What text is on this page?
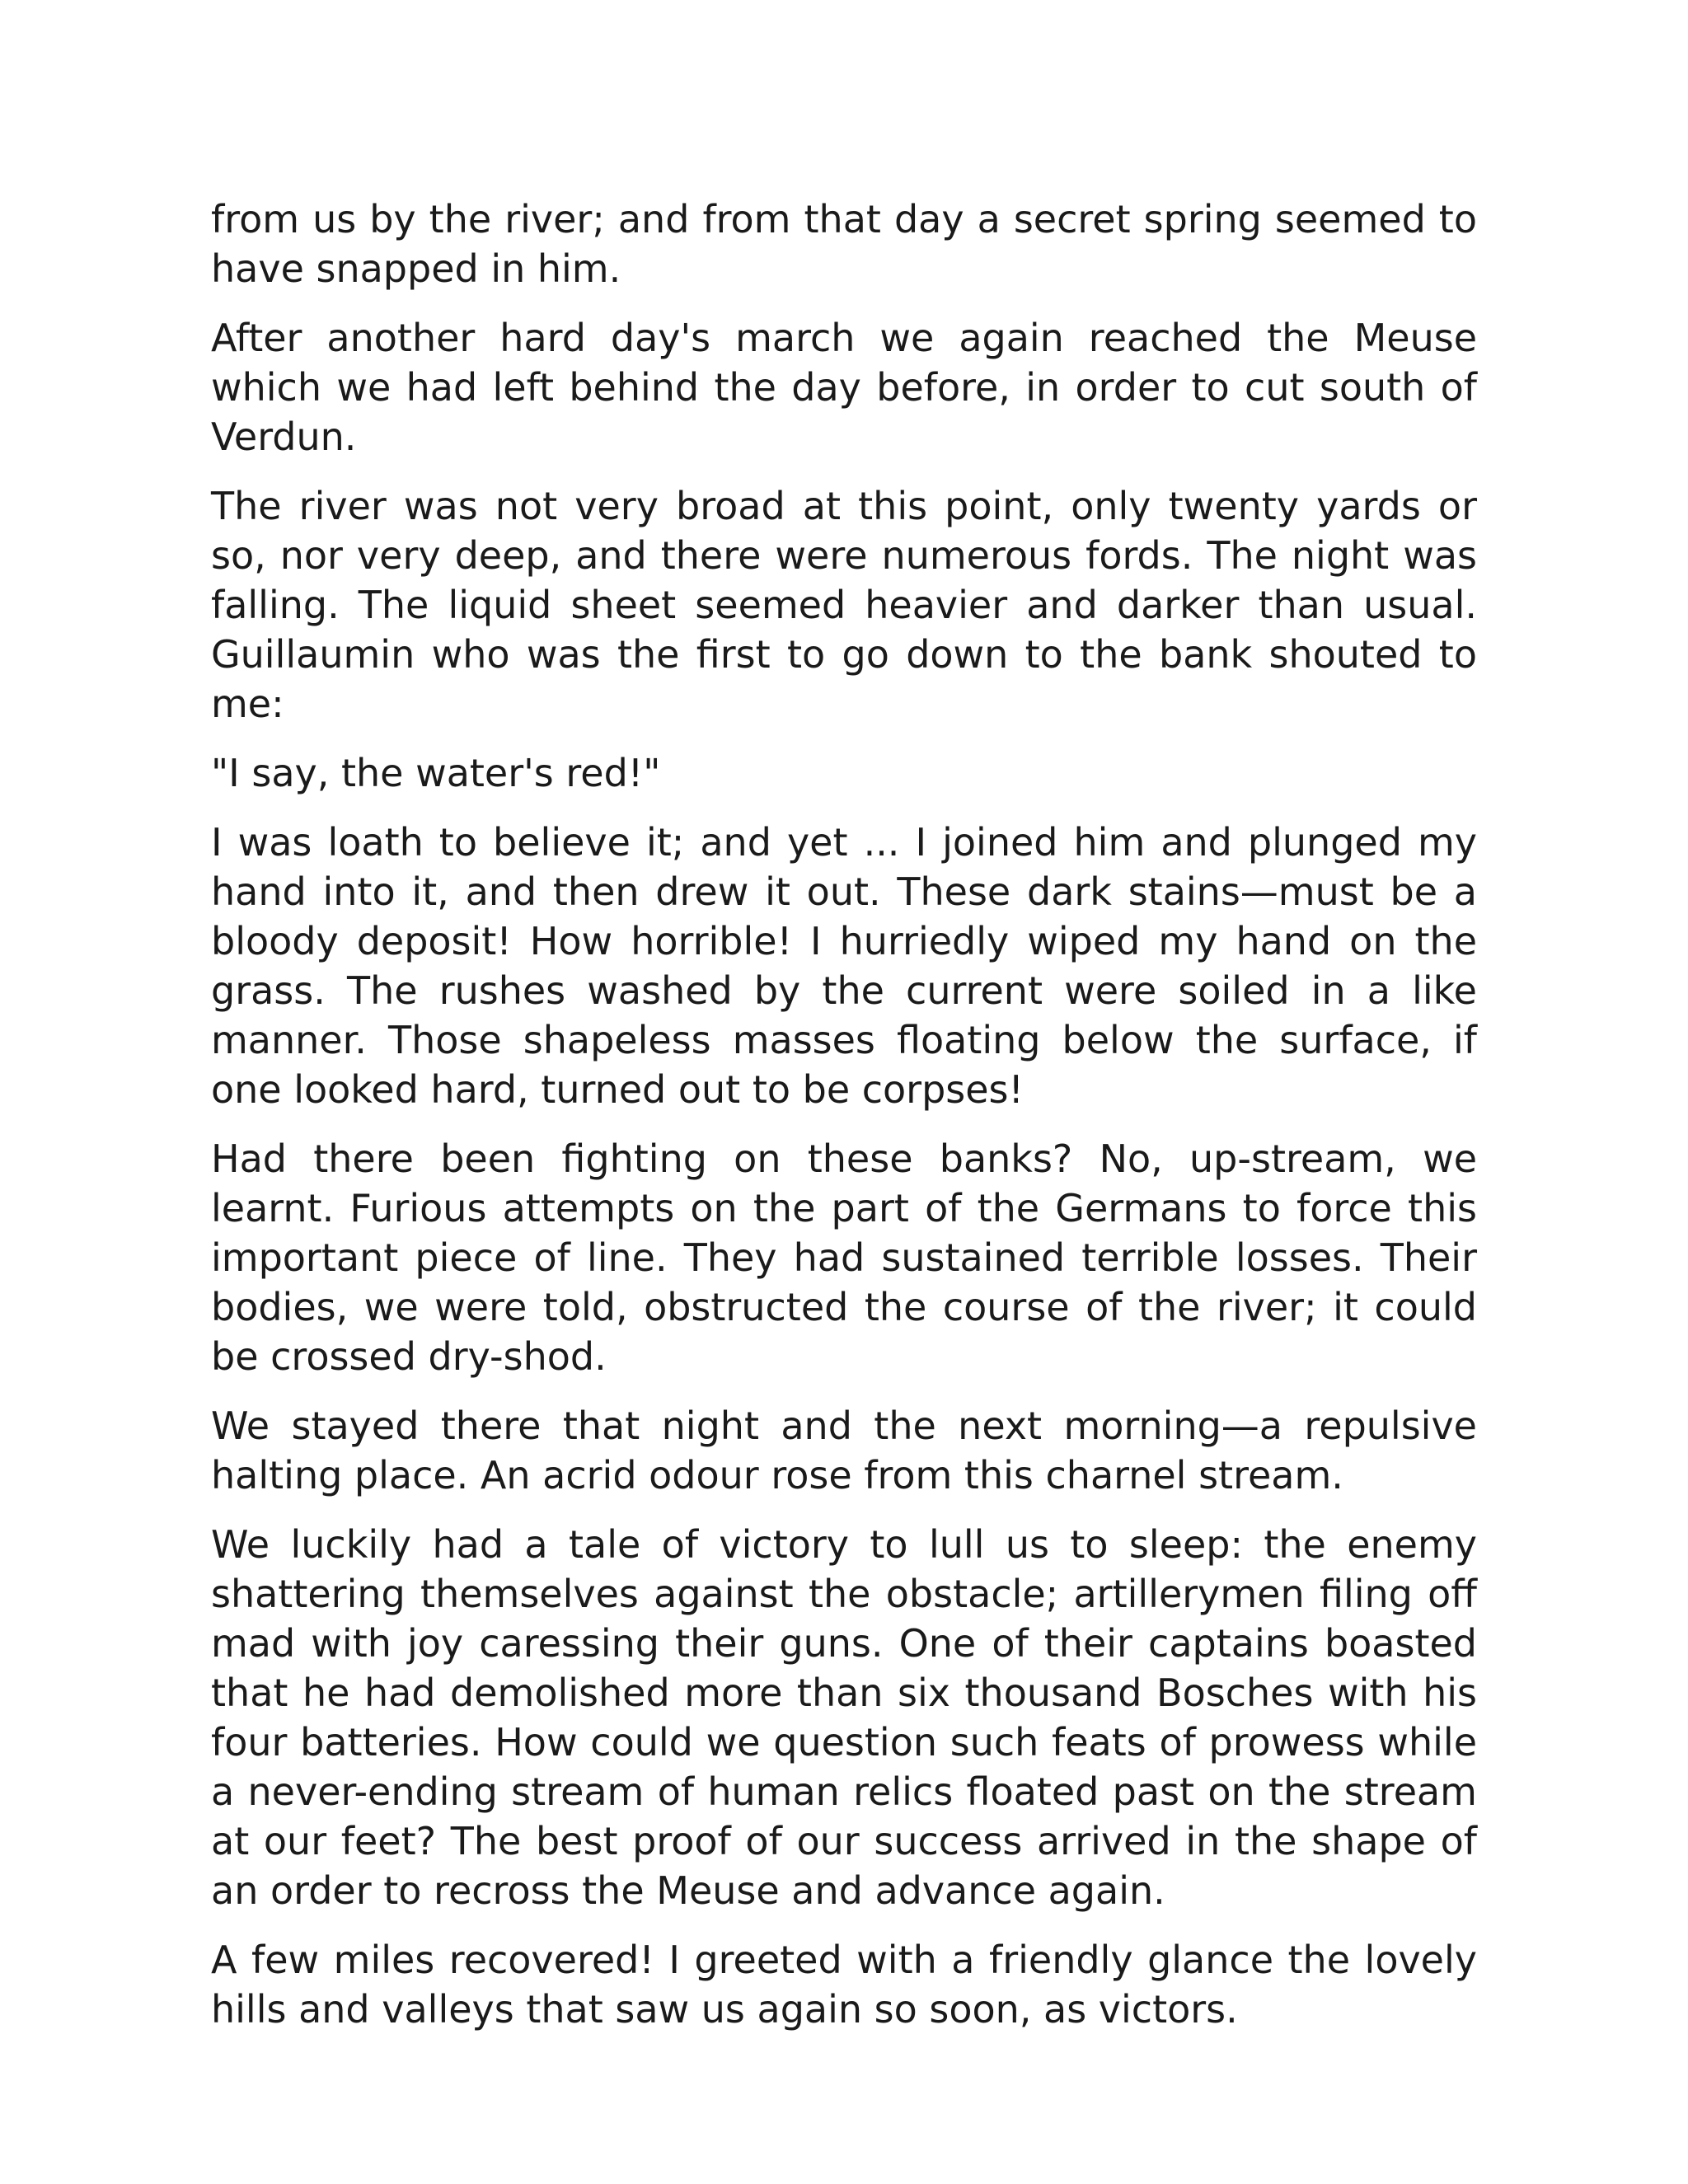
from us by the river; and from that day a secret spring seemed to have snapped in him.

After another hard day's march we again reached the Meuse which we had left behind the day before, in order to cut south of Verdun.

The river was not very broad at this point, only twenty yards or so, nor very deep, and there were numerous fords. The night was falling. The liquid sheet seemed heavier and darker than usual. Guillaumin who was the first to go down to the bank shouted to me:

"I say, the water's red!"

I was loath to believe it; and yet ... I joined him and plunged my hand into it, and then drew it out. These dark stains—must be a bloody deposit! How horrible! I hurriedly wiped my hand on the grass. The rushes washed by the current were soiled in a like manner. Those shapeless masses floating below the surface, if one looked hard, turned out to be corpses!

Had there been fighting on these banks? No, up-stream, we learnt. Furious attempts on the part of the Germans to force this important piece of line. They had sustained terrible losses. Their bodies, we were told, obstructed the course of the river; it could be crossed dry-shod.

We stayed there that night and the next morning—a repulsive halting place. An acrid odour rose from this charnel stream.

We luckily had a tale of victory to lull us to sleep: the enemy shattering themselves against the obstacle; artillerymen filing off mad with joy caressing their guns. One of their captains boasted that he had demolished more than six thousand Bosches with his four batteries. How could we question such feats of prowess while a never-ending stream of human relics floated past on the stream at our feet? The best proof of our success arrived in the shape of an order to recross the Meuse and advance again.

A few miles recovered! I greeted with a friendly glance the lovely hills and valleys that saw us again so soon, as victors.
